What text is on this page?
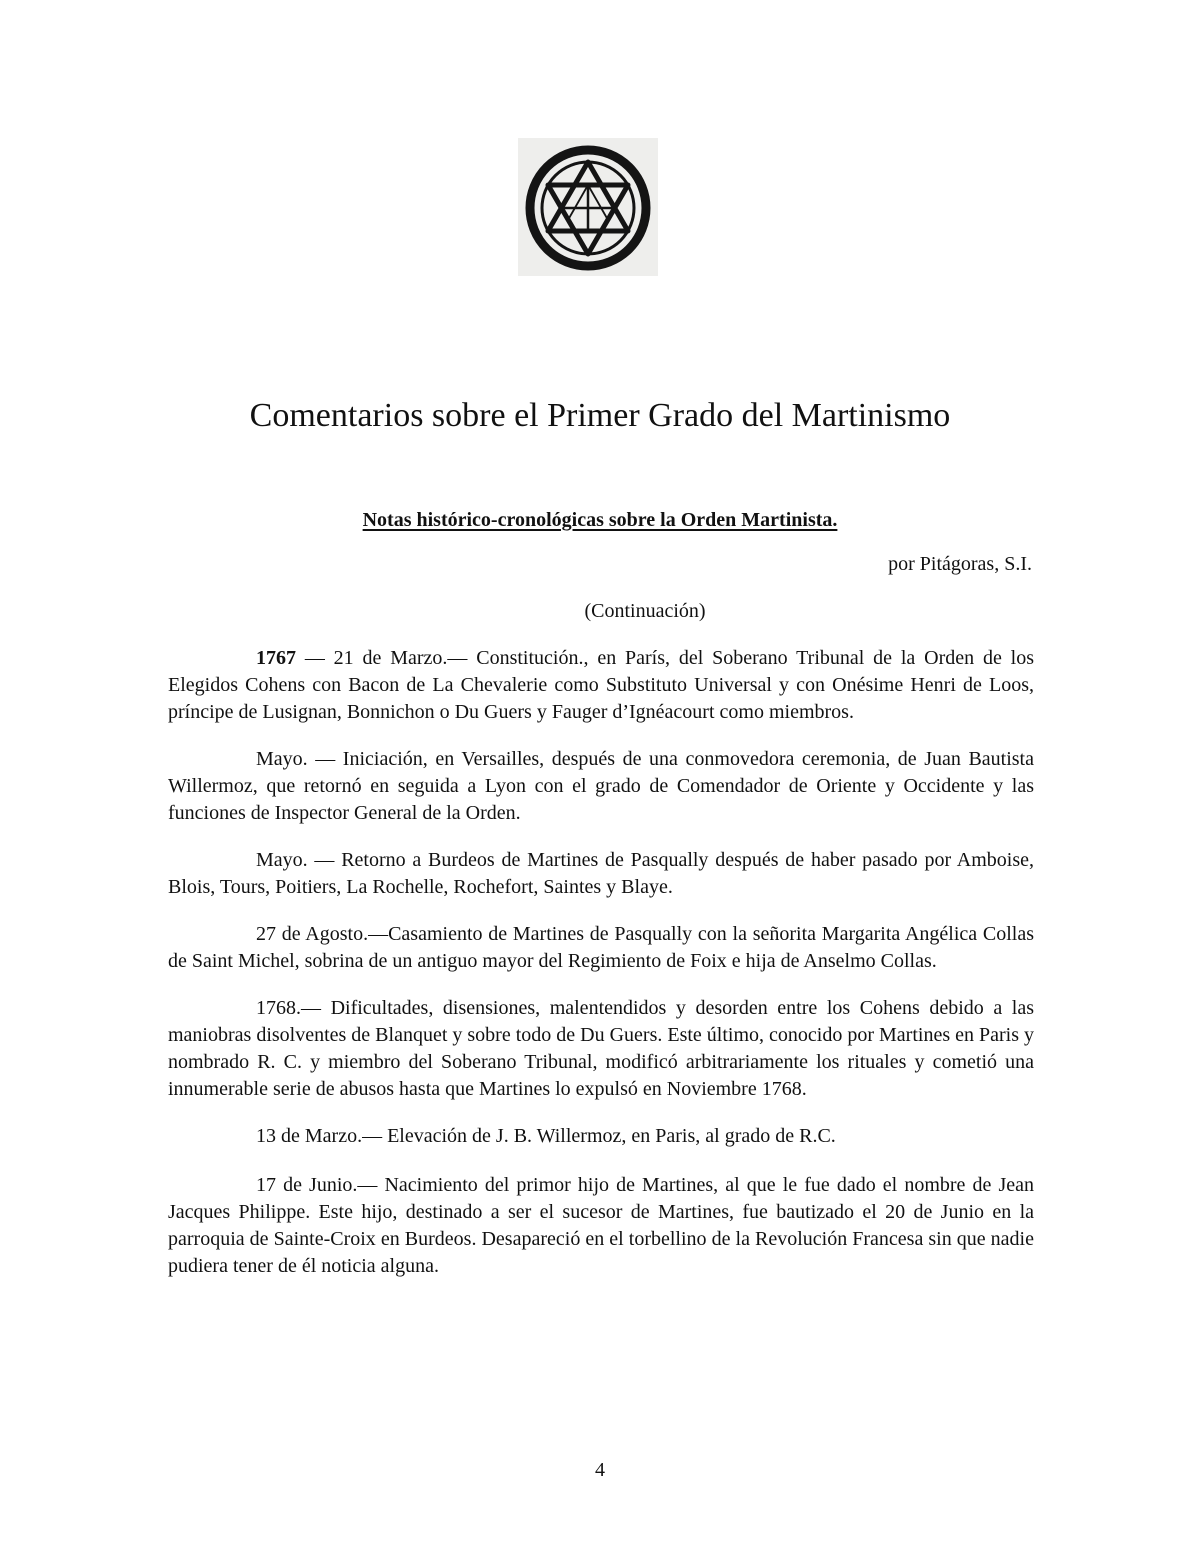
Comentarios sobre el Primer Grado del Martinismo
Notas histórico-cronológicas sobre la Orden Martinista.
por Pitágoras, S.I.
(Continuación)

1767 — 21 de Marzo.— Constitución., en París, del Soberano Tribunal de la Orden de los Elegidos Cohens con Bacon de La Chevalerie como Substituto Universal y con Onésime Henri de Loos, príncipe de Lusignan, Bonnichon o Du Guers y Fauger d’Ignéacourt como miembros.

Mayo. — Iniciación, en Versailles, después de una conmovedora ceremonia, de Juan Bautista Willermoz, que retornó en seguida a Lyon con el grado de Comendador de Oriente y Occidente y las funciones de Inspector General de la Orden.

Mayo. — Retorno a Burdeos de Martines de Pasqually después de haber pasado por Amboise, Blois, Tours, Poitiers, La Rochelle, Rochefort, Saintes y Blaye.

27 de Agosto.—Casamiento de Martines de Pasqually con la señorita Margarita Angélica Collas de Saint Michel, sobrina de un antiguo mayor del Regimiento de Foix e hija de Anselmo Collas.

1768.— Dificultades, disensiones, malentendidos y desorden entre los Cohens debido a las maniobras disolventes de Blanquet y sobre todo de Du Guers. Este último, conocido por Martines en Paris y nombrado R. C. y miembro del Soberano Tribunal, modificó arbitrariamente los rituales y cometió una innumerable serie de abusos hasta que Martines lo expulsó en Noviembre 1768.

13 de Marzo.— Elevación de J. B. Willermoz, en Paris, al grado de R.C.

17 de Junio.— Nacimiento del primor hijo de Martines, al que le fue dado el nombre de Jean Jacques Philippe. Este hijo, destinado a ser el sucesor de Martines, fue bautizado el 20 de Junio en la parroquia de Sainte-Croix en Burdeos. Desapareció en el torbellino de la Revolución Francesa sin que nadie pudiera tener de él noticia alguna.

4
